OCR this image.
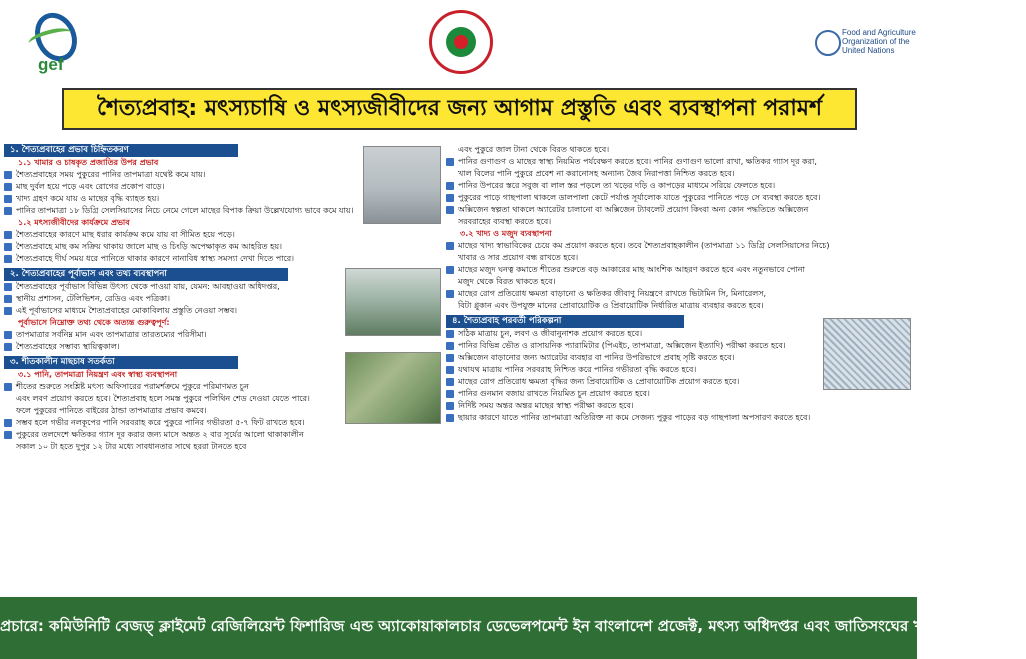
gef
Food and Agriculture
Organization of the
United Nations
শৈত্যপ্রবাহ: মৎস্যচাষি ও মৎস্যজীবীদের জন্য আগাম প্রস্তুতি এবং ব্যবস্থাপনা পরামর্শ
১. শৈত্যপ্রবাহের প্রভাব চিহ্নিতকরণ
১.১ খামার ও চাষকৃত প্রজাতির উপর প্রভাব
শৈত্যপ্রবাহের সময় পুকুরের পানির তাপমাত্রা যথেষ্ট কমে যায়।
মাছ দুর্বল হয়ে পড়ে এবং রোগের প্রকোপ বাড়ে।
খাদ্য গ্রহণ কমে যায় ও মাছের বৃদ্ধি ব্যাহত হয়।
পানির তাপমাত্রা ১৮ ডিগ্রি সেলসিয়াসের নিচে নেমে গেলে মাছের বিপাক ক্রিয়া উল্লেখযোগ্য ভাবে কমে যায়।
১.২ মৎস্যজীবীদের কার্যক্রমে প্রভাব
শৈত্যপ্রবাহের কারণে মাছ ধরার কার্যক্রম কমে যায় বা সীমিত হয়ে পড়ে।
শৈত্যপ্রবাহে মাছ কম সক্রিয় থাকায় জালে মাছ ও চিংড়ি অপেক্ষাকৃত কম আহরিত হয়।
শৈত্যপ্রবাহে দীর্ঘ সময় ধরে পানিতে থাকার কারণে নানাবিধ স্বাস্থ্য সমস্যা দেখা দিতে পারে।
২. শৈত্যপ্রবাহের পূর্বাভাস এবং তথ্য ব্যবস্থাপনা
শৈত্যপ্রবাহের পূর্বাভাস বিভিন্ন উৎস্য থেকে পাওয়া যায়, যেমন: আবহাওয়া অধিদপ্তর,
স্থানীয় প্রশাসন, টেলিভিশন, রেডিও এবং পত্রিকা।
এই পূর্বাভাসের মাধ্যমে শৈত্যপ্রবাহের মোকাবিলায় প্রস্তুতি নেওয়া সম্ভব।
পূর্বাভাসে নিম্নোক্ত তথ্য থেকে অত্যন্ত গুরুত্বপূর্ণ:
তাপমাত্রার সর্বনিম্ন মান এবং তাপমাত্রার তারতম্যের পরিসীমা।
শৈত্যপ্রবাহের সম্ভাব্য স্থায়িত্বকাল।
৩. শীতকালীন মাছচাষ সতর্কতা
৩.১ পানি, তাপমাত্রা নিয়ন্ত্রণ এবং স্বাস্থ্য ব্যবস্থাপনা
শীতের শুরুতে সংশ্লিষ্ট মৎস্য অফিসারের পরামর্শক্রমে পুকুরে পরিমাণমত চুন
এবং লবণ প্রয়োগ করতে হবে। শৈত্যপ্রবাহ হলে সমস্ত পুকুরে পলিথিন শেড দেওয়া যেতে পারে।
ফলে পুকুরের পানিতে বাইরের ঠান্ডা তাপমাত্রার প্রভাব কমবে।
সম্ভব হলে গভীর নলকূপের পানি সরবরাহ করে পুকুরে পানির গভীরতা ৫-৭ ফিট রাখতে হবে।
পুকুরের তলদেশে ক্ষতিকর গ্যাস দূর করার জন্য মাসে অন্তত ২ বার সূর্যের আলো থাকাকালীন
সকাল ১০ টা হতে দুপুর ১২ টার মধ্যে সাবধানতার সাথে হররা টানতে হবে
এবং পুকুরে জাল টানা থেকে বিরত থাকতে হবে।
পানির গুণাগুণ ও মাছের স্বাস্থ্য নিয়মিত পর্যবেক্ষণ করতে হবে। পানির গুণাগুণ ভালো রাখা, ক্ষতিকর গ্যাস দূর করা,
খাল বিলের পানি পুকুরে প্রবেশ না করানোসহ অন্যান্য জৈব নিরাপত্তা নিশ্চিত করতে হবে।
পানির উপরের স্তরে সবুজ বা লাল স্তর পড়লে তা খড়ের দড়ি ও কাপড়ের মাধ্যমে সরিয়ে ফেলতে হবে।
পুকুরের পাড়ে গাছপালা থাকলে ডালপালা কেটে পর্যাপ্ত সূর্যালোক যাতে পুকুরের পানিতে পড়ে সে ব্যবস্থা করতে হবে।
অক্সিজেন স্বল্পতা থাকলে অ্যারেটর চালানো বা অক্সিজেন ট্যাবলেট প্রয়োগ কিংবা অন্য কোন পদ্ধতিতে অক্সিজেন
সরবরাহের ব্যবস্থা করতে হবে।
৩.২ খাদ্য ও মজুদ ব্যবস্থাপনা
মাছের খাদ্য স্বাভাবিকের চেয়ে কম প্রয়োগ করতে হবে। তবে শৈত্যপ্রবাহকালীন (তাপমাত্রা ১১ ডিগ্রি সেলসিয়াসের নিচে)
খাবার ও সার প্রয়োগ বন্ধ রাখতে হবে।
মাছের মজুদ ঘনত্ব কমাতে শীতের শুরুতে বড় আকারের মাছ আংশিক আহরণ করতে হবে এবং নতুনভাবে পোনা
মজুদ থেকে বিরত থাকতে হবে।
মাছের রোগ প্রতিরোধ ক্ষমতা বাড়ানো ও ক্ষতিকর জীবাণু নিয়ন্ত্রণে রাখতে ভিটামিন সি, মিনারেলস,
বিটা গ্লুকান এবং উপযুক্ত মানের প্রোবায়োটিক ও প্রিবায়োটিক নির্ধারিত মাত্রায় ব্যবহার করতে হবে।
৪. শৈত্যপ্রবাহ পরবর্তী পরিকল্পনা
সঠিক মাত্রায় চুন, লবণ ও জীবানুনাশক প্রয়োগ করতে হবে।
পানির বিভিন্ন ভৌত ও রাসায়নিক প্যারামিটার (পিএইচ, তাপমাত্রা, অক্সিজেন ইত্যাদি) পরীক্ষা করতে হবে।
অক্সিজেন বাড়ানোর জন্য অ্যারেটর ব্যবহার বা পানির উপরিভাগে প্রবাহ সৃষ্টি করতে হবে।
যথাযথ মাত্রায় পানির সরবরাহ নিশ্চিত করে পানির গভীরতা বৃদ্ধি করতে হবে।
মাছের রোগ প্রতিরোধ ক্ষমতা বৃদ্ধির জন্য প্রিবায়োটিক ও প্রোবায়োটিক প্রয়োগ করতে হবে।
পানির গুনমান বজায় রাখতে নিয়মিত চুন প্রয়োগ করতে হবে।
নির্দিষ্ট সময় অন্তর অন্তর মাছের স্বাস্থ্য পরীক্ষা করতে হবে।
ছায়ার কারণে যাতে পানির তাপমাত্রা অতিরিক্ত না কমে সেজন্য পুকুর পাড়ের বড় গাছপালা অপসারণ করতে হবে।
প্রচারে: কমিউনিটি বেজড্ ক্লাইমেট রেজিলিয়েন্ট ফিশারিজ এন্ড অ্যাকোয়াকালচার ডেভেলপমেন্ট ইন বাংলাদেশ প্রজেক্ট, মৎস্য অধিদপ্তর এবং জাতিসংঘের খাদ্য ও কৃষি সংস্থা।
